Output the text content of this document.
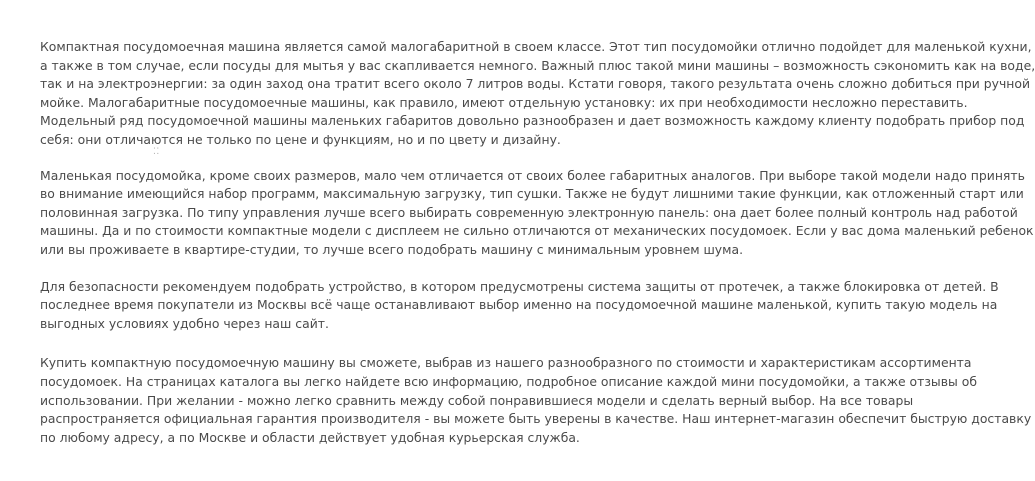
Компактная посудомоечная машина является самой малогабаритной в своем классе. Этот тип посудомойки отлично подойдет для маленькой кухни,

а также в том случае, если посуды для мытья у вас скапливается немного. Важный плюс такой мини машины – возможность сэкономить как на воде,

так и на электроэнергии: за один заход она тратит всего около 7 литров воды. Кстати говоря, такого результата очень сложно добиться при ручной

мойке. Малогабаритные посудомоечные машины, как правило, имеют отдельную установку: их при необходимости несложно переставить.

Модельный ряд посудомоечной машины маленьких габаритов довольно разнообразен и дает возможность каждому клиенту подобрать прибор под

себя: они отличаются не только по цене и функциям, но и по цвету и дизайну.

Маленькая посудомойка, кроме своих размеров, мало чем отличается от своих более габаритных аналогов. При выборе такой модели надо принять

во внимание имеющийся набор программ, максимальную загрузку, тип сушки. Также не будут лишними такие функции, как отложенный старт или

половинная загрузка. По типу управления лучше всего выбирать современную электронную панель: она дает более полный контроль над работой

машины. Да и по стоимости компактные модели с дисплеем не сильно отличаются от механических посудомоек. Если у вас дома маленький ребенок

или вы проживаете в квартире-студии, то лучше всего подобрать машину с минимальным уровнем шума.

Для безопасности рекомендуем подобрать устройство, в котором предусмотрены система защиты от протечек, а также блокировка от детей. В

последнее время покупатели из Москвы всё чаще останавливают выбор именно на посудомоечной машине маленькой, купить такую модель на

выгодных условиях удобно через наш сайт.

Купить компактную посудомоечную машину вы сможете, выбрав из нашего разнообразного по стоимости и характеристикам ассортимента

посудомоек. На страницах каталога вы легко найдете всю информацию, подробное описание каждой мини посудомойки, а также отзывы об

использовании. При желании - можно легко сравнить между собой понравившиеся модели и сделать верный выбор. На все товары

распространяется официальная гарантия производителя - вы можете быть уверены в качестве. Наш интернет-магазин обеспечит быструю доставку

по любому адресу, а по Москве и области действует удобная курьерская служба.

⁚⁚
